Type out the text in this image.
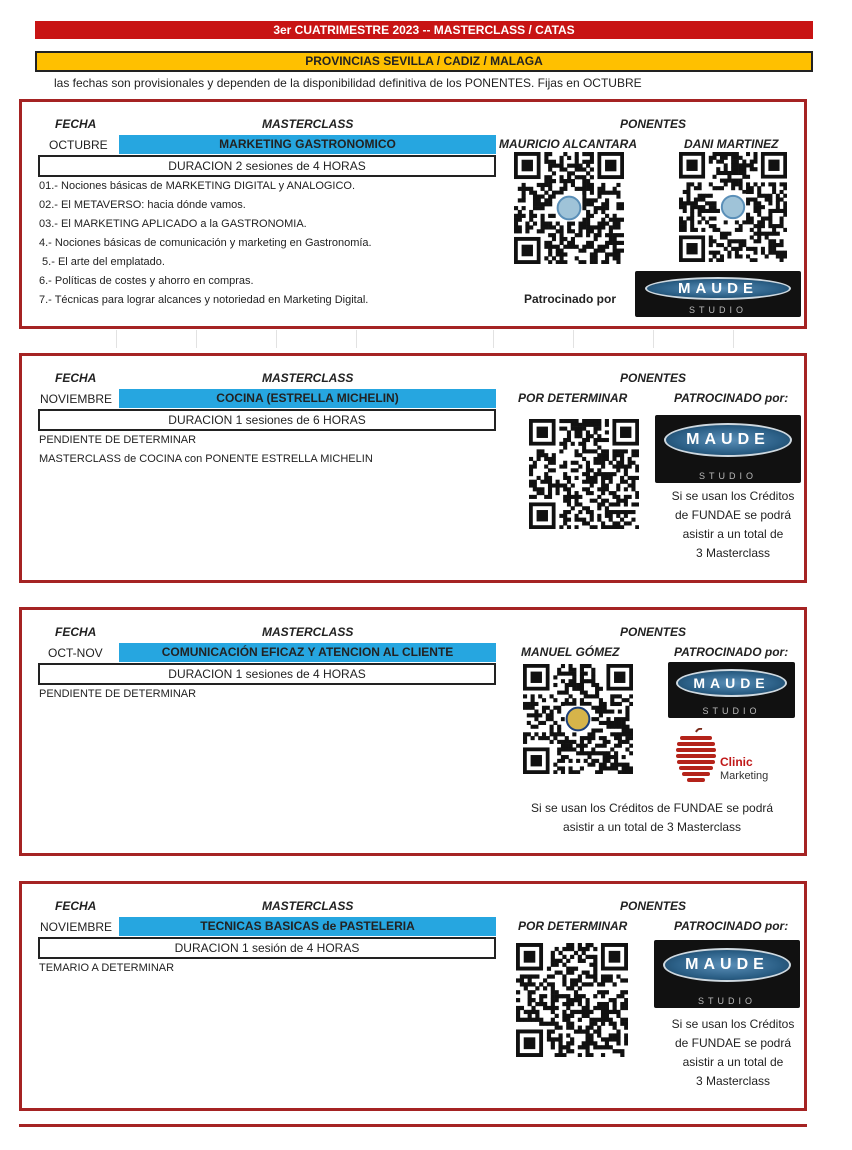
3er CUATRIMESTRE 2023 -- MASTERCLASS / CATAS
PROVINCIAS SEVILLA / CADIZ / MALAGA
las fechas son provisionales y dependen de la disponibilidad definitiva de los PONENTES. Fijas en OCTUBRE
FECHA	MASTERCLASS	PONENTES
OCTUBRE	MARKETING GASTRONOMICO
DURACION 2 sesiones de 4 HORAS
01.- Nociones básicas de MARKETING DIGITAL y ANALOGICO.
02.- El METAVERSO: hacia dónde vamos.
03.- El MARKETING APLICADO a la GASTRONOMIA.
4.- Nociones básicas de comunicación y marketing en Gastronomía.
5.- El arte del emplatado.
6.- Políticas de costes y ahorro en compras.
7.- Técnicas para lograr alcances y notoriedad en Marketing Digital.
MAURICIO ALCANTARA	DANI MARTINEZ
Patrocinado por
MAUDE
STUDIO
FECHA	MASTERCLASS	PONENTES
NOVIEMBRE	COCINA (ESTRELLA MICHELIN)
DURACION 1 sesiones de 6 HORAS
PENDIENTE DE DETERMINAR
MASTERCLASS de COCINA con PONENTE ESTRELLA MICHELIN
POR DETERMINAR	PATROCINADO por:
MAUDE
STUDIO
Si se usan los Créditos
de FUNDAE se podrá
asistir a un total de
3 Masterclass
FECHA	MASTERCLASS	PONENTES
OCT-NOV	COMUNICACIÓN EFICAZ Y ATENCION AL CLIENTE
DURACION 1 sesiones de 4 HORAS
PENDIENTE DE DETERMINAR
MANUEL GÓMEZ	PATROCINADO por:
MAUDE
STUDIO
Clinic
Marketing
Si se usan los Créditos de FUNDAE se podrá
asistir a un total de 3 Masterclass
FECHA	MASTERCLASS	PONENTES
NOVIEMBRE	TECNICAS BASICAS de PASTELERIA
DURACION 1 sesión de 4 HORAS
TEMARIO A DETERMINAR
POR DETERMINAR	PATROCINADO por:
MAUDE
STUDIO
Si se usan los Créditos
de FUNDAE se podrá
asistir a un total de
3 Masterclass
